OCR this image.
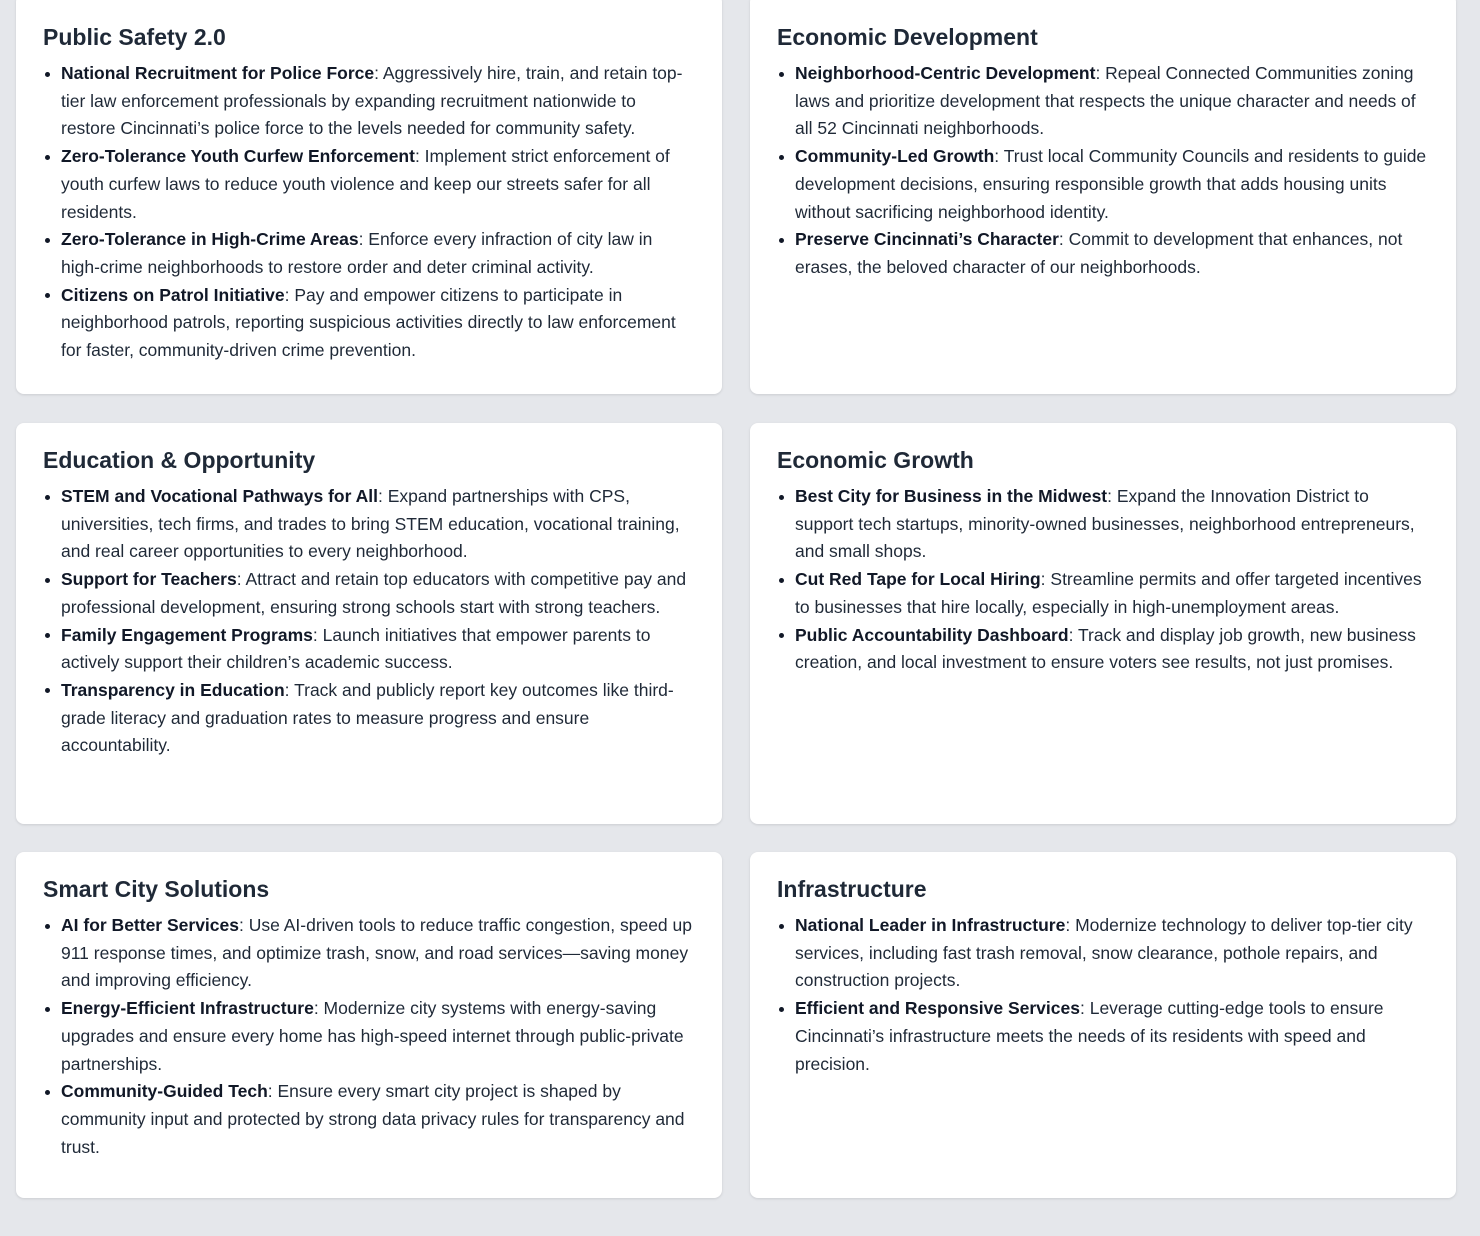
Public Safety 2.0
National Recruitment for Police Force: Aggressively hire, train, and retain top-tier law enforcement professionals by expanding recruitment nationwide to restore Cincinnati’s police force to the levels needed for community safety.
Zero-Tolerance Youth Curfew Enforcement: Implement strict enforcement of youth curfew laws to reduce youth violence and keep our streets safer for all residents.
Zero-Tolerance in High-Crime Areas: Enforce every infraction of city law in high-crime neighborhoods to restore order and deter criminal activity.
Citizens on Patrol Initiative: Pay and empower citizens to participate in neighborhood patrols, reporting suspicious activities directly to law enforcement for faster, community-driven crime prevention.
Economic Development
Neighborhood-Centric Development: Repeal Connected Communities zoning laws and prioritize development that respects the unique character and needs of all 52 Cincinnati neighborhoods.
Community-Led Growth: Trust local Community Councils and residents to guide development decisions, ensuring responsible growth that adds housing units without sacrificing neighborhood identity.
Preserve Cincinnati’s Character: Commit to development that enhances, not erases, the beloved character of our neighborhoods.
Education & Opportunity
STEM and Vocational Pathways for All: Expand partnerships with CPS, universities, tech firms, and trades to bring STEM education, vocational training, and real career opportunities to every neighborhood.
Support for Teachers: Attract and retain top educators with competitive pay and professional development, ensuring strong schools start with strong teachers.
Family Engagement Programs: Launch initiatives that empower parents to actively support their children’s academic success.
Transparency in Education: Track and publicly report key outcomes like third-grade literacy and graduation rates to measure progress and ensure accountability.
Economic Growth
Best City for Business in the Midwest: Expand the Innovation District to support tech startups, minority-owned businesses, neighborhood entrepreneurs, and small shops.
Cut Red Tape for Local Hiring: Streamline permits and offer targeted incentives to businesses that hire locally, especially in high-unemployment areas.
Public Accountability Dashboard: Track and display job growth, new business creation, and local investment to ensure voters see results, not just promises.
Smart City Solutions
AI for Better Services: Use AI-driven tools to reduce traffic congestion, speed up 911 response times, and optimize trash, snow, and road services—saving money and improving efficiency.
Energy-Efficient Infrastructure: Modernize city systems with energy-saving upgrades and ensure every home has high-speed internet through public-private partnerships.
Community-Guided Tech: Ensure every smart city project is shaped by community input and protected by strong data privacy rules for transparency and trust.
Infrastructure
National Leader in Infrastructure: Modernize technology to deliver top-tier city services, including fast trash removal, snow clearance, pothole repairs, and construction projects.
Efficient and Responsive Services: Leverage cutting-edge tools to ensure Cincinnati’s infrastructure meets the needs of its residents with speed and precision.
